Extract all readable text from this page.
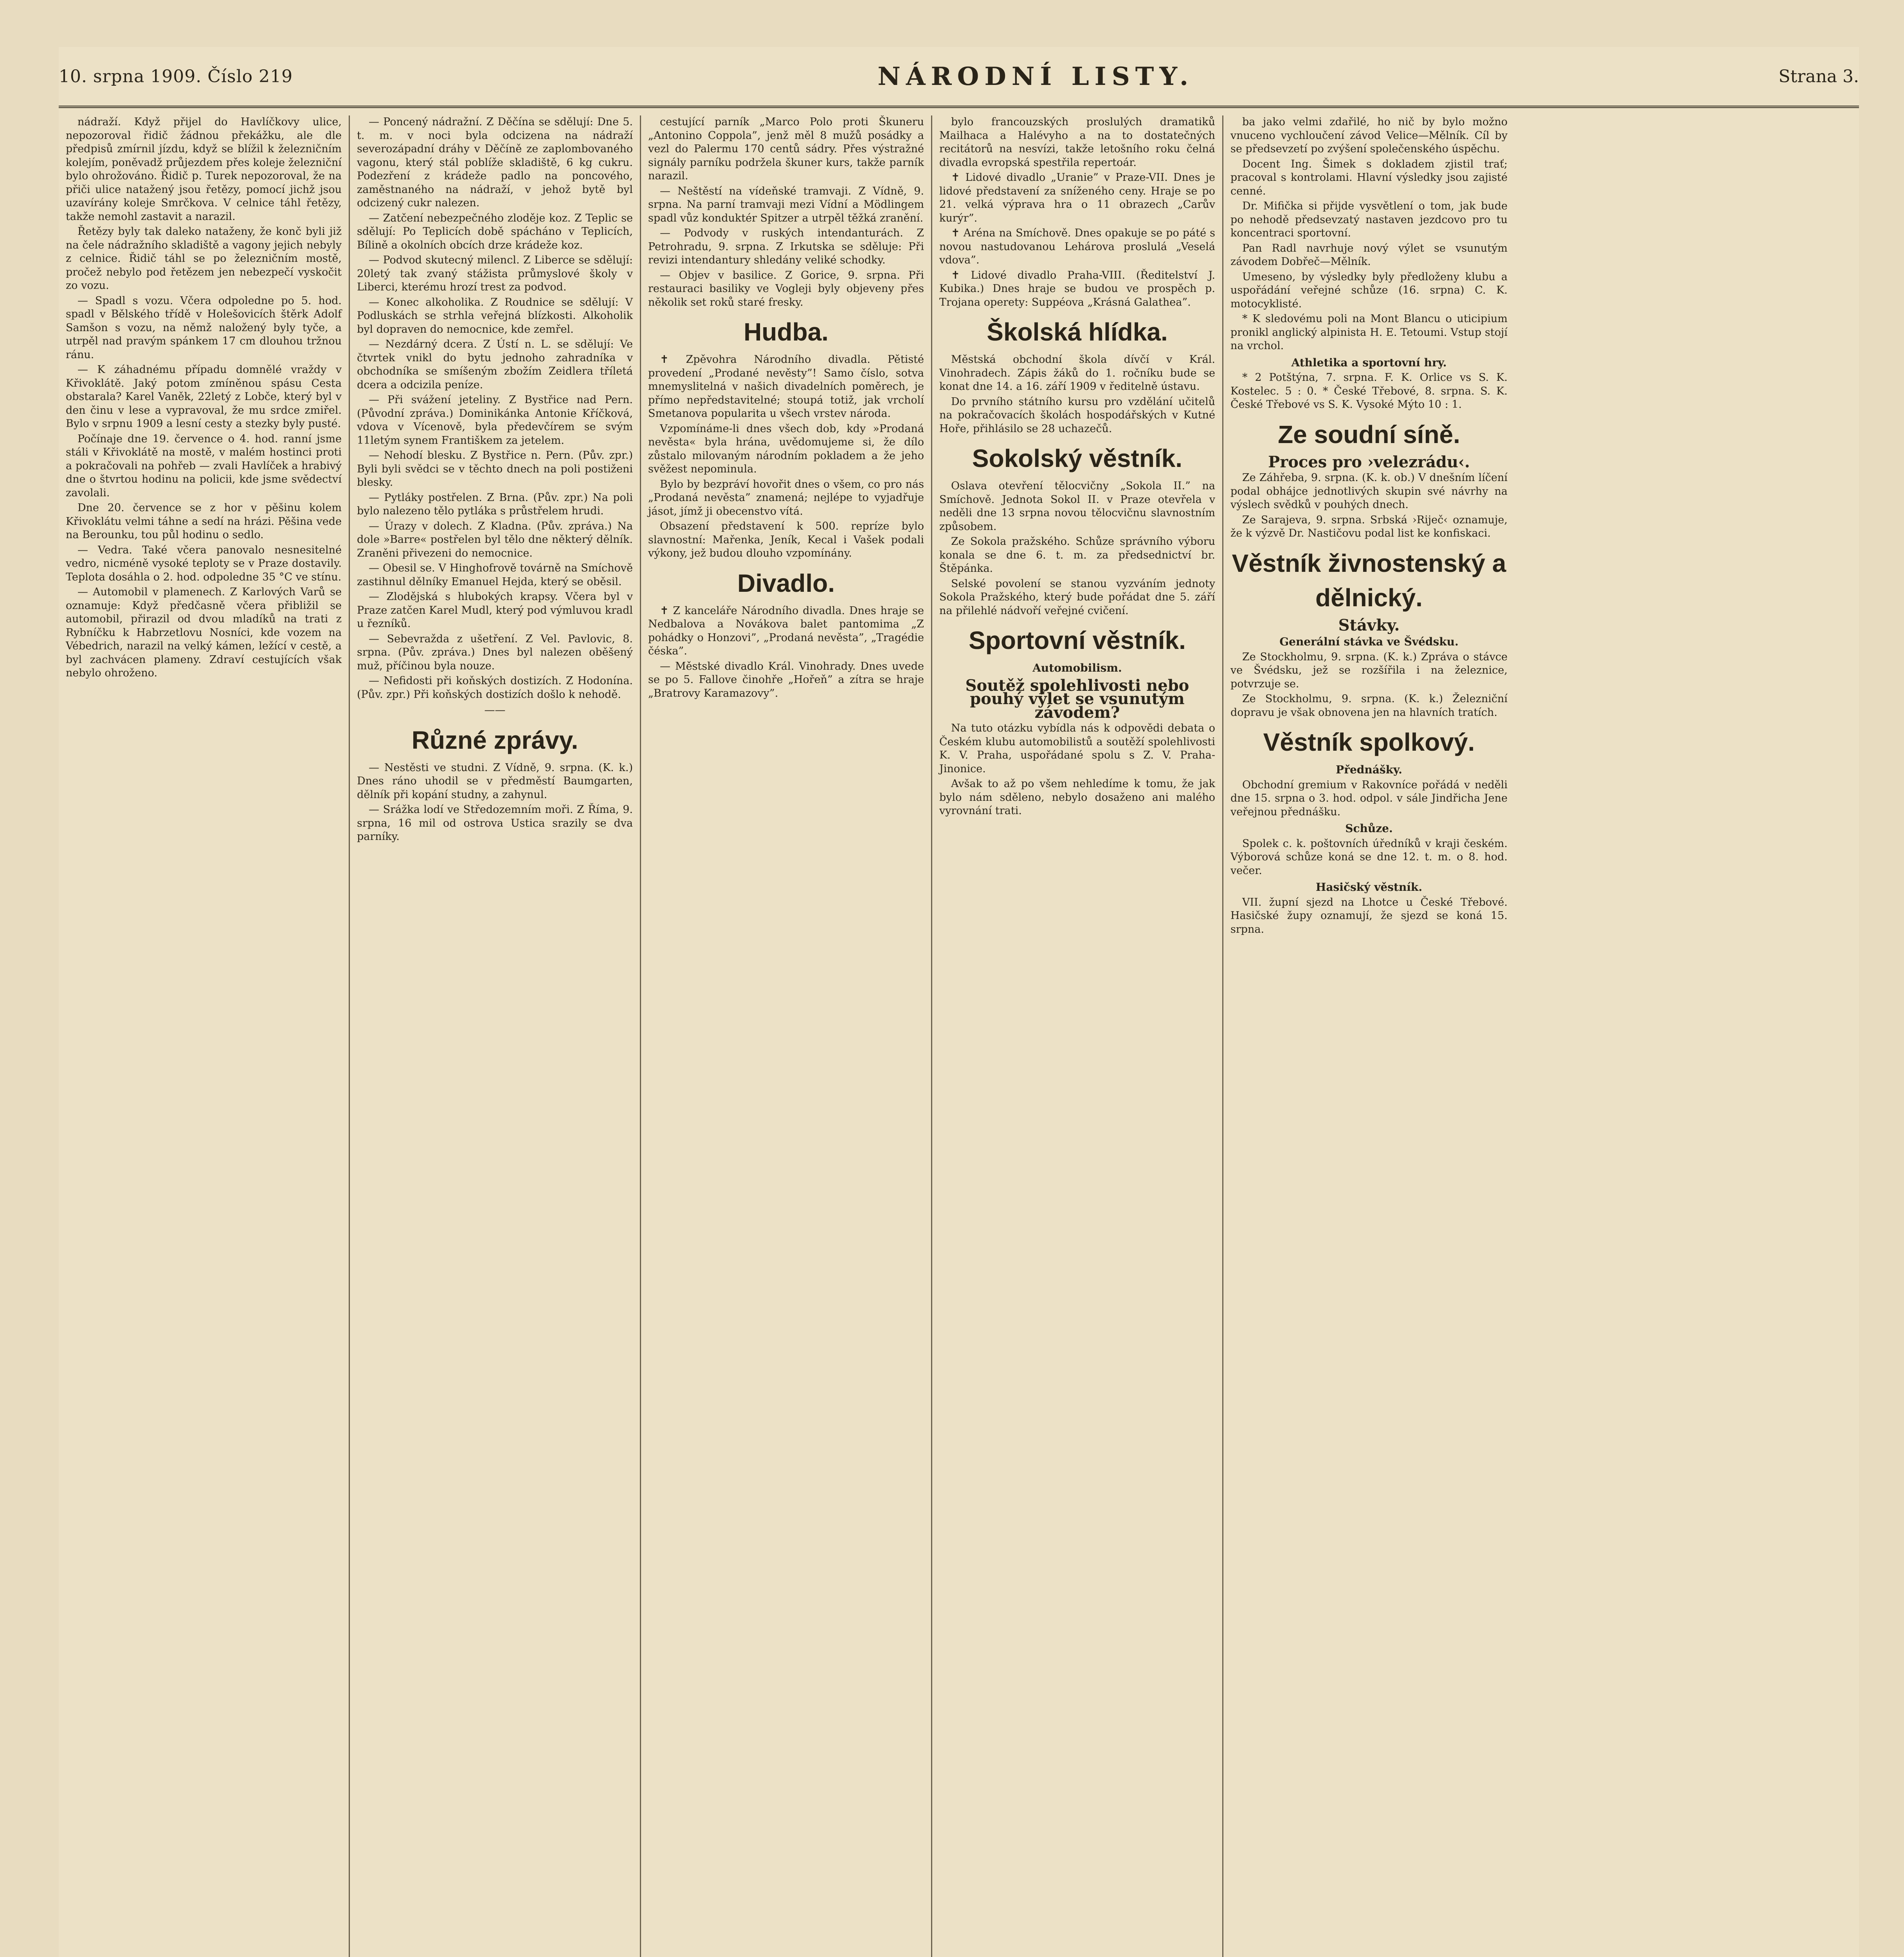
10. srpna 1909. Číslo 219	NÁRODNÍ LISTY.	Strana 3.

nádraží. Když přijel do Havlíčkovy ulice, nepozoroval řidič žádnou překážku, ale dle předpisů zmírnil jízdu, když se blížil k železničním kolejím, poněvadž průjezdem přes koleje železniční bylo ohrožováno. Řidič p. Turek nepozoroval, že na přiči ulice natažený jsou řetězy, pomocí jichž jsou uzavírány koleje Smrčkova. V celnice táhl řetězy, takže nemohl zastavit a narazil.

Řetězy byly tak daleko nataženy, že konč byli již na čele nádražního skladiště a vagony jejich nebyly z celnice. Řidič táhl se po železničním mostě, pročež nebylo pod řetězem jen nebezpečí vyskočit zo vozu.

— Spadl s vozu. Včera odpoledne po 5. hod. spadl v Bělského třídě v Holešovicích štěrk Adolf Samšon s vozu, na němž naložený byly tyče, a utrpěl nad pravým spánkem 17 cm dlouhou tržnou ránu.

— K záhadnému případu domnělé vraždy v Křivoklátě. Jaký potom zmíněnou spásu Cesta obstarala? Karel Vaněk, 22letý z Lobče, který byl v den činu v lese a vypravoval, že mu srdce zmiřel. Bylo v srpnu 1909 a lesní cesty a stezky byly pusté.

Počínaje dne 19. července o 4. hod. ranní jsme stáli v Křivoklátě na mostě, v malém hostinci proti a pokračovali na pohřeb — zvali Havlíček a hrabivý dne o štvrtou hodinu na policii, kde jsme svědectví zavolali.

Dne 20. července se z hor v pěšinu kolem Křivoklátu velmi táhne a sedí na hrázi. Pěšina vede na Berounku, tou půl hodinu o sedlo.

— Vedra. Také včera panovalo nesnesitelné vedro, nicméně vysoké teploty se v Praze dostavily. Teplota dosáhla o 2. hod. odpoledne 35 °C ve stínu.

— Automobil v plamenech. Z Karlových Varů se oznamuje: Když předčasně včera přibližil se automobil, přirazil od dvou mladíků na trati z Rybníčku k Habrzetlovu Nosníci, kde vozem na Vébedrich, narazil na velký kámen, ležící v cestě, a byl zachvácen plameny. Zdraví cestujících však nebylo ohroženo.

— Poncený nádražní. Z Děčína se sdělují: Dne 5. t. m. v noci byla odcizena na nádraží severozápadní dráhy v Děčíně ze zaplombovaného vagonu, který stál poblíže skladiště, 6 kg cukru. Podezření z krádeže padlo na poncového, zaměstnaného na nádraží, v jehož bytě byl odcizený cukr nalezen.

— Zatčení nebezpečného zloděje koz. Z Teplic se sdělují: Po Teplicích době spácháno v Teplicích, Bílině a okolních obcích drze krádeže koz.

— Podvod skutecný milencl. Z Liberce se sdělují: 20letý tak zvaný stážista průmyslové školy v Liberci, kterému hrozí trest za podvod.

— Konec alkoholika. Z Roudnice se sdělují: V Podluskách se strhla veřejná blízkosti. Alkoholik byl dopraven do nemocnice, kde zemřel.

— Nezdárný dcera. Z Ústí n. L. se sdělují: Ve čtvrtek vnikl do bytu jednoho zahradníka v obchodníka se smíšeným zbožím Zeidlera tříletá dcera a odcizila peníze.

— Při svážení jeteliny. Z Bystřice nad Pern. (Původní zpráva.) Dominikánka Antonie Kříčková, vdova v Vícenově, byla předevčírem se svým 11letým synem Františkem za jetelem.

— Nehodí blesku. Z Bystřice n. Pern. (Pův. zpr.) Byli byli svědci se v těchto dnech na poli postiženi blesky.

— Pytláky postřelen. Z Brna. (Pův. zpr.) Na poli bylo nalezeno tělo pytláka s průstřelem hrudi.

— Úrazy v dolech. Z Kladna. (Pův. zpráva.) Na dole »Barre« postřelen byl tělo dne některý dělník. Zraněni přivezeni do nemocnice.

— Obesil se. V Hinghofrově továrně na Smíchově zastihnul dělníky Emanuel Hejda, který se oběsil.

— Zlodějská s hlubokých krapsy. Včera byl v Praze zatčen Karel Mudl, který pod výmluvou kradl u řezníků.

— Sebevražda z ušetření. Z Vel. Pavlovic, 8. srpna. (Pův. zpráva.) Dnes byl nalezen oběšený muž, příčinou byla nouze.

— Nefidosti při koňských dostizích. Z Hodonína. (Pův. zpr.) Při koňských dostizích došlo k nehodě.

——
Různé zprávy.

— Nestěsti ve studni. Z Vídně, 9. srpna. (K. k.) Dnes ráno uhodil se v předměstí Baumgarten, dělník při kopání studny, a zahynul.

— Srážka lodí ve Středozemním moři. Z Říma, 9. srpna, 16 mil od ostrova Ustica srazily se dva parníky.

cestující parník „Marco Polo proti Škuneru „Antonino Coppola”, jenž měl 8 mužů posádky a vezl do Palermu 170 centů sádry. Přes výstražné signály parníku podržela škuner kurs, takže parník narazil.

— Neštěstí na vídeňské tramvaji. Z Vídně, 9. srpna. Na parní tramvaji mezi Vídní a Mödlingem spadl vůz konduktér Spitzer a utrpěl těžká zranění.

— Podvody v ruských intendanturách. Z Petrohradu, 9. srpna. Z Irkutska se sděluje: Při revizi intendantury shledány veliké schodky.

— Objev v basilice. Z Gorice, 9. srpna. Při restauraci basiliky ve Vogleji byly objeveny přes několik set roků staré fresky.

Hudba.

✝ Zpěvohra Národního divadla. Pětisté provedení „Prodané nevěsty”! Samo číslo, sotva mnemyslitelná v našich divadelních poměrech, je přímo nepředstavitelné; stoupá totiž, jak vrcholí Smetanova popularita u všech vrstev národa.

Vzpomínáme-li dnes všech dob, kdy »Prodaná nevěsta« byla hrána, uvědomujeme si, že dílo zůstalo milovaným národním pokladem a že jeho svěžest nepominula.

Bylo by bezpráví hovořit dnes o všem, co pro nás „Prodaná nevěsta” znamená; nejlépe to vyjadřuje jásot, jímž ji obecenstvo vítá.

Obsazení představení k 500. repríze bylo slavnostní: Mařenka, Jeník, Kecal i Vašek podali výkony, jež budou dlouho vzpomínány.

Divadlo.

✝ Z kanceláře Národního divadla. Dnes hraje se Nedbalova a Novákova balet pantomima „Z pohádky o Honzovi”, „Prodaná nevěsta”, „Tragédie čéska”.

— Městské divadlo Král. Vinohrady. Dnes uvede se po 5. Fallove činohře „Hořeň” a zítra se hraje „Bratrovy Karamazovy”.

bylo francouzských proslulých dramatiků Mailhaca a Halévyho a na to dostatečných recitátorů na nesvízi, takže letošního roku čelná divadla evropská spestřila repertoár.

✝ Lidové divadlo „Uranie” v Praze-VII. Dnes je lidové představení za sníženého ceny. Hraje se po 21. velká výprava hra o 11 obrazech „Carův kurýr”.

✝ Aréna na Smíchově. Dnes opakuje se po páté s novou nastudovanou Lehárova proslulá „Veselá vdova”.

✝ Lidové divadlo Praha-VIII. (Ředitelství J. Kubika.) Dnes hraje se budou ve prospěch p. Trojana operety: Suppéova „Krásná Galathea”.

Školská hlídka.

Městská obchodní škola dívčí v Král. Vinohradech. Zápis žáků do 1. ročníku bude se konat dne 14. a 16. září 1909 v ředitelně ústavu.

Do prvního státního kursu pro vzdělání učitelů na pokračovacích školách hospodářských v Kutné Hoře, přihlásilo se 28 uchazečů.

Sokolský věstník.

Oslava otevření tělocvičny „Sokola II.” na Smíchově. Jednota Sokol II. v Praze otevřela v neděli dne 13 srpna novou tělocvičnu slavnostním způsobem.

Ze Sokola pražského. Schůze správního výboru konala se dne 6. t. m. za předsednictví br. Štěpánka.

Selské povolení se stanou vyzváním jednoty Sokola Pražského, který bude pořádat dne 5. září na přilehlé nádvoří veřejné cvičení.

Sportovní věstník.
Automobilism.
Soutěž spolehlivosti nebo pouhý výlet se vsunutým závodem?

Na tuto otázku vybídla nás k odpovědi debata o Českém klubu automobilistů a soutěží spolehlivosti K. V. Praha, uspořádané spolu s Z. V. Praha-Jinonice.

Avšak to až po všem nehledíme k tomu, že jak bylo nám sděleno, nebylo dosaženo ani malého vyrovnání trati.

ba jako velmi zdařilé, ho nič by bylo možno vnuceno vychloučení závod Velice—Mělník. Cíl by se předsevzetí po zvýšení společenského úspěchu.

Docent Ing. Šimek s dokladem zjistil trať; pracoval s kontrolami. Hlavní výsledky jsou zajisté cenné.

Dr. Mifička si přijde vysvětlení o tom, jak bude po nehodě předsevzatý nastaven jezdcovo pro tu koncentraci sportovní.

Pan Radl navrhuje nový výlet se vsunutým závodem Dobřeč—Mělník.

Umeseno, by výsledky byly předloženy klubu a uspořádání veřejné schůze (16. srpna) C. K. motocyklisté.

* K sledovému poli na Mont Blancu o uticipium pronikl anglický alpinista H. E. Tetoumi. Vstup stojí na vrchol.

Athletika a sportovní hry.

* 2 Potštýna, 7. srpna. F. K. Orlice vs S. K. Kostelec. 5 : 0. * České Třebové, 8. srpna. S. K. České Třebové vs S. K. Vysoké Mýto 10 : 1.

Ze soudní síně.
Proces pro ›velezrádu‹.

Ze Záhřeba, 9. srpna. (K. k. ob.) V dnešním líčení podal obhájce jednotlivých skupin své návrhy na výslech svědků v pouhých dnech.

Ze Sarajeva, 9. srpna. Srbská ›Riječ‹ oznamuje, že k výzvě Dr. Nastičovu podal list ke konfiskaci.

Věstník živnostenský a dělnický.
Stávky.
Generální stávka ve Švédsku.

Ze Stockholmu, 9. srpna. (K. k.) Zpráva o stávce ve Švédsku, jež se rozšířila i na železnice, potvrzuje se.

Ze Stockholmu, 9. srpna. (K. k.) Železniční dopravu je však obnovena jen na hlavních tratích.

Věstník spolkový.
Přednášky.

Obchodní gremium v Rakovníce pořádá v neděli dne 15. srpna o 3. hod. odpol. v sále Jindřicha Jene veřejnou přednášku.

Schůze.

Spolek c. k. poštovních úředníků v kraji českém. Výborová schůze koná se dne 12. t. m. o 8. hod. večer.

Hasičský věstník.

VII. župní sjezd na Lhotce u České Třebové. Hasičské župy oznamují, že sjezd se koná 15. srpna.
